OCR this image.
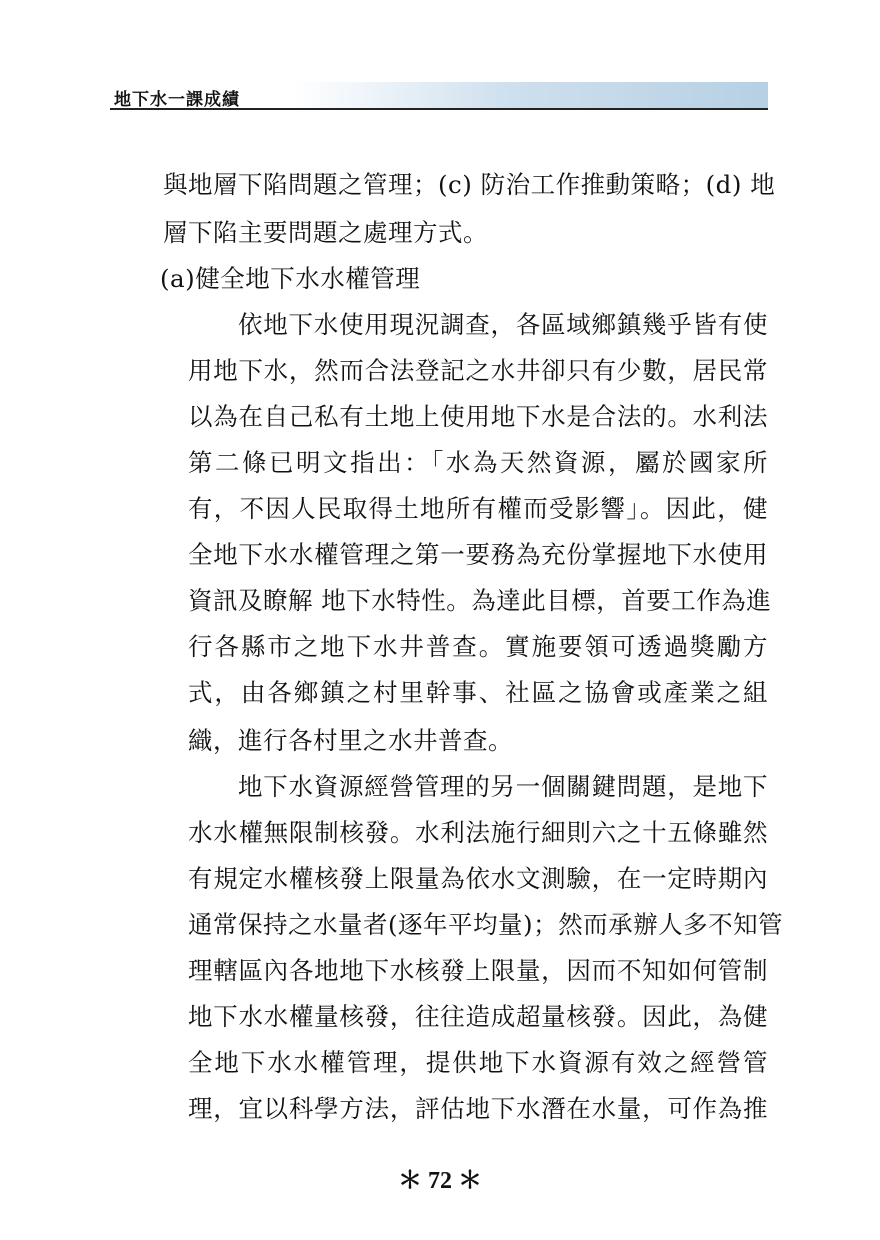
地下水一課成績
與地層下陷問題之管理；(c) 防治工作推動策略；(d) 地
層下陷主要問題之處理方式。
(a)健全地下水水權管理
依地下水使用現況調查，各區域鄉鎮幾乎皆有使
用地下水，然而合法登記之水井卻只有少數，居民常
以為在自己私有土地上使用地下水是合法的。水利法
第二條已明文指出：「水為天然資源，屬於國家所
有，不因人民取得土地所有權而受影響」。因此，健
全地下水水權管理之第一要務為充份掌握地下水使用
資訊及瞭解 地下水特性。為達此目標，首要工作為進
行各縣市之地下水井普查。實施要領可透過獎勵方
式，由各鄉鎮之村里幹事、社區之協會或產業之組
織，進行各村里之水井普查。
地下水資源經營管理的另一個關鍵問題，是地下
水水權無限制核發。水利法施行細則六之十五條雖然
有規定水權核發上限量為依水文測驗，在一定時期內
通常保持之水量者(逐年平均量)；然而承辦人多不知管
理轄區內各地地下水核發上限量，因而不知如何管制
地下水水權量核發，往往造成超量核發。因此，為健
全地下水水權管理，提供地下水資源有效之經營管
理，宜以科學方法，評估地下水潛在水量，可作為推
＊ 72 ＊
